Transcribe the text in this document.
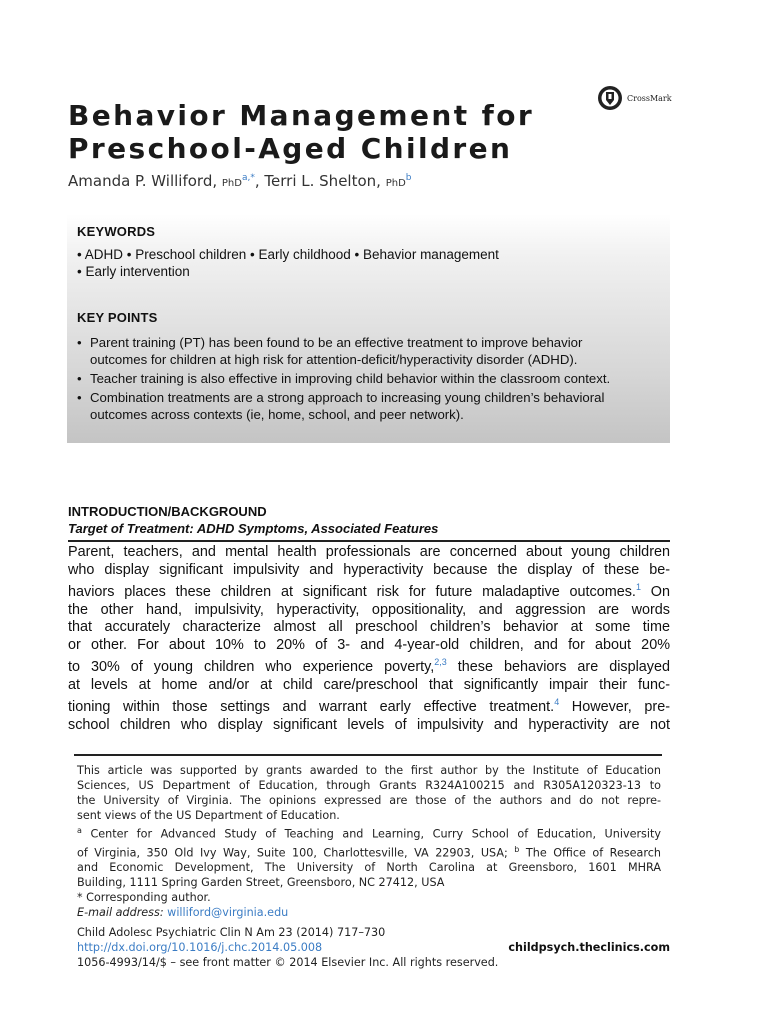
Behavior Management for
Preschool-Aged Children
CrossMark
Amanda P. Williford, PhD$^{a,*}$, Terri L. Shelton, PhD$^b$
KEYWORDS
• ADHD • Preschool children • Early childhood • Behavior management
• Early intervention
KEY POINTS
• Parent training (PT) has been found to be an effective treatment to improve behavior
outcomes for children at high risk for attention-deficit/hyperactivity disorder (ADHD).
• Teacher training is also effective in improving child behavior within the classroom context.
• Combination treatments are a strong approach to increasing young children’s behavioral
outcomes across contexts (ie, home, school, and peer network).
INTRODUCTION/BACKGROUND
Target of Treatment: ADHD Symptoms, Associated Features
Parent, teachers, and mental health professionals are concerned about young children
who display significant impulsivity and hyperactivity because the display of these be-
haviors places these children at significant risk for future maladaptive outcomes.$^1$ On
the other hand, impulsivity, hyperactivity, oppositionality, and aggression are words
that accurately characterize almost all preschool children’s behavior at some time
or other. For about 10% to 20% of 3- and 4-year-old children, and for about 20%
to 30% of young children who experience poverty,$^{2,3}$ these behaviors are displayed
at levels at home and/or at child care/preschool that significantly impair their func-
tioning within those settings and warrant early effective treatment.$^4$ However, pre-
school children who display significant levels of impulsivity and hyperactivity are not
This article was supported by grants awarded to the first author by the Institute of Education
Sciences, US Department of Education, through Grants R324A100215 and R305A120323-13 to
the University of Virginia. The opinions expressed are those of the authors and do not repre-
sent views of the US Department of Education.
$^a$ Center for Advanced Study of Teaching and Learning, Curry School of Education, University
of Virginia, 350 Old Ivy Way, Suite 100, Charlottesville, VA 22903, USA; $^b$ The Office of Research
and Economic Development, The University of North Carolina at Greensboro, 1601 MHRA
Building, 1111 Spring Garden Street, Greensboro, NC 27412, USA
* Corresponding author.
E-mail address: williford@virginia.edu
Child Adolesc Psychiatric Clin N Am 23 (2014) 717–730
http://dx.doi.org/10.1016/j.chc.2014.05.008	childpsych.theclinics.com
1056-4993/14/$ – see front matter © 2014 Elsevier Inc. All rights reserved.
